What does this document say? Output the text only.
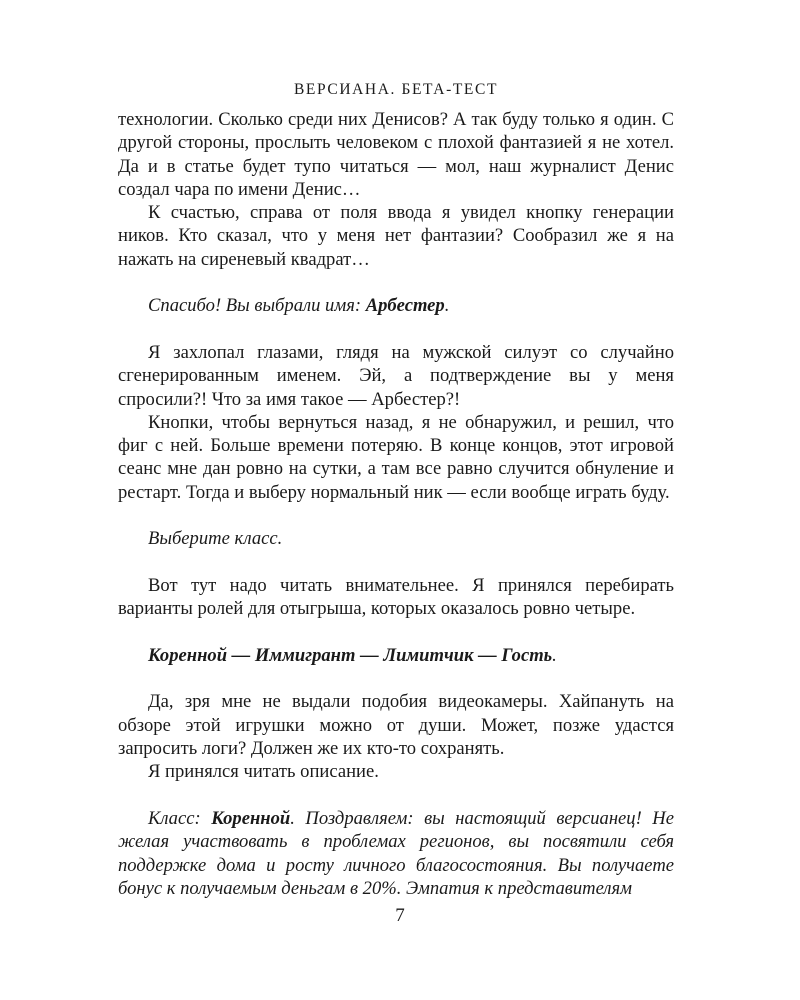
ВЕРСИАНА. БЕТА-ТЕСТ

технологии. Сколько среди них Денисов? А так буду только я один. С другой стороны, прослыть человеком с плохой фантазией я не хотел. Да и в статье будет тупо читаться — мол, наш журналист Денис создал чара по имени Денис…

К счастью, справа от поля ввода я увидел кнопку генерации ников. Кто сказал, что у меня нет фантазии? Сообразил же я на нажать на сиреневый квадрат…

Спасибо! Вы выбрали имя: Арбестер.

Я захлопал глазами, глядя на мужской силуэт со случайно сгенерированным именем. Эй, а подтверждение вы у меня спросили?! Что за имя такое — Арбестер?!

Кнопки, чтобы вернуться назад, я не обнаружил, и решил, что фиг с ней. Больше времени потеряю. В конце концов, этот игровой сеанс мне дан ровно на сутки, а там все равно случится обнуление и рестарт. Тогда и выберу нормальный ник — если вообще играть буду.

Выберите класс.

Вот тут надо читать внимательнее. Я принялся перебирать варианты ролей для отыгрыша, которых оказалось ровно четыре.

Коренной — Иммигрант — Лимитчик — Гость.

Да, зря мне не выдали подобия видеокамеры. Хайпануть на обзоре этой игрушки можно от души. Может, позже удастся запросить логи? Должен же их кто-то сохранять.

Я принялся читать описание.

Класс: Коренной. Поздравляем: вы настоящий версианец! Не желая участвовать в проблемах регионов, вы посвятили себя поддержке дома и росту личного благосостояния. Вы получаете бонус к получаемым деньгам в 20%. Эмпатия к представителям

7
